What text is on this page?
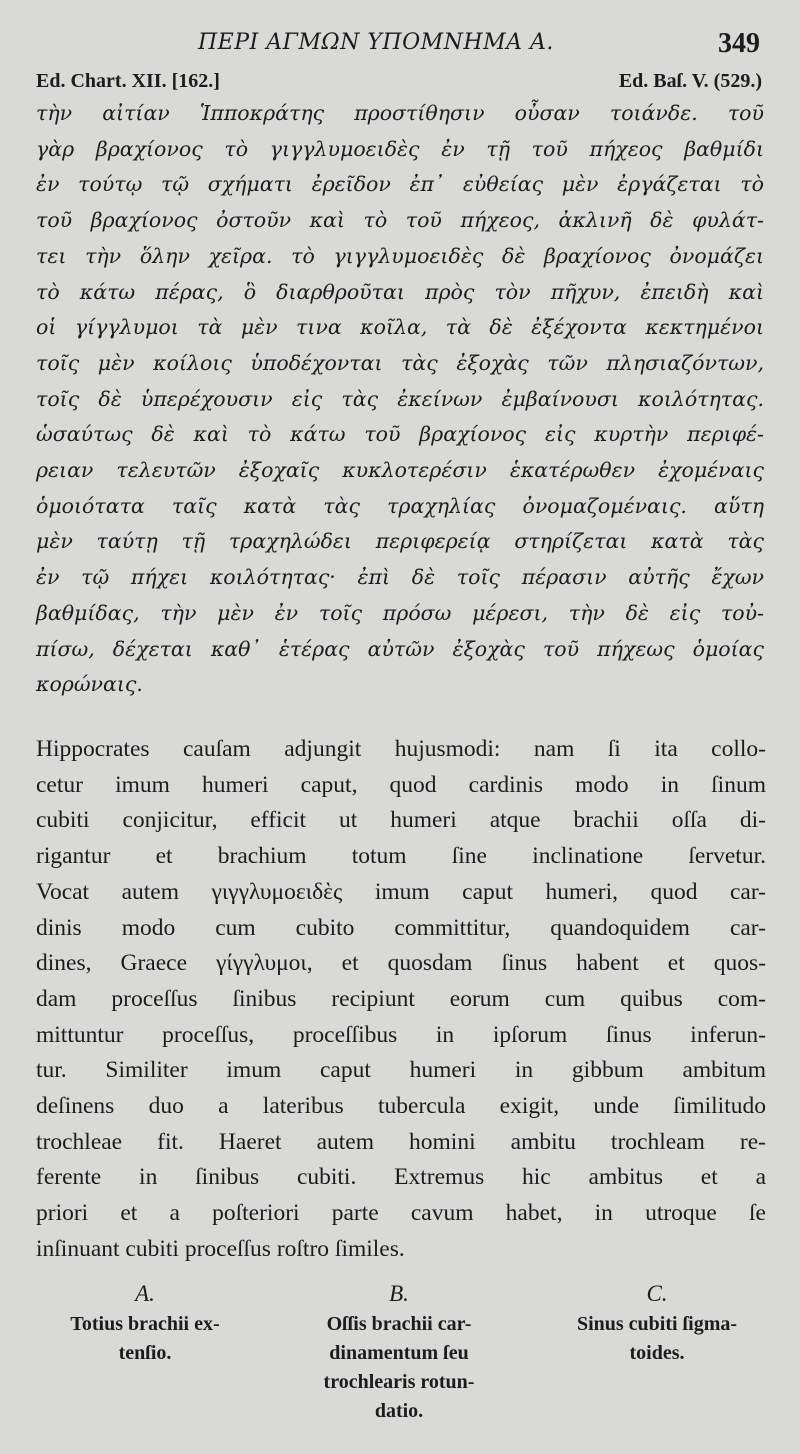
ΠΕΡΙ ΑΓΜΩΝ ΥΠΟΜΝΗΜΑ Α.	349
Ed. Chart. XII. [162.]	Ed. Baſ. V. (529.)
τὴν αἰτίαν Ἱπποκράτης προστίθησιν οὖσαν τοιάνδε. τοῦ
γὰρ βραχίονος τὸ γιγγλυμοειδὲς ἐν τῇ τοῦ πήχεος βαθμίδι
ἐν τούτῳ τῷ σχήματι ἐρεῖδον ἐπ᾽ εὐθείας μὲν ἐργάζεται τὸ
τοῦ βραχίονος ὀστοῦν καὶ τὸ τοῦ πήχεος, ἀκλινῆ δὲ φυλάτ-
τει τὴν ὅλην χεῖρα. τὸ γιγγλυμοειδὲς δὲ βραχίονος ὀνομάζει
τὸ κάτω πέρας, ὃ διαρθροῦται πρὸς τὸν πῆχυν, ἐπειδὴ καὶ
οἱ γίγγλυμοι τὰ μὲν τινα κοῖλα, τὰ δὲ ἐξέχοντα κεκτημένοι
τοῖς μὲν κοίλοις ὑποδέχονται τὰς ἐξοχὰς τῶν πλησιαζόντων,
τοῖς δὲ ὑπερέχουσιν εἰς τὰς ἐκείνων ἐμβαίνουσι κοιλότητας.
ὡσαύτως δὲ καὶ τὸ κάτω τοῦ βραχίονος εἰς κυρτὴν περιφέ-
ρειαν τελευτῶν ἐξοχαῖς κυκλοτερέσιν ἑκατέρωθεν ἐχομέναις
ὁμοιότατα ταῖς κατὰ τὰς τραχηλίας ὀνομαζομέναις. αὕτη
μὲν ταύτῃ τῇ τραχηλώδει περιφερείᾳ στηρίζεται κατὰ τὰς
ἐν τῷ πήχει κοιλότητας· ἐπὶ δὲ τοῖς πέρασιν αὐτῆς ἔχων
βαθμίδας, τὴν μὲν ἐν τοῖς πρόσω μέρεσι, τὴν δὲ εἰς τοὐ-
πίσω, δέχεται καθ᾽ ἑτέρας αὐτῶν ἐξοχὰς τοῦ πήχεως ὁμοίας
κορώναις.
Hippocrates cauſam adjungit hujusmodi: nam ſi ita collo-
cetur imum humeri caput, quod cardinis modo in ſinum
cubiti conjicitur, efficit ut humeri atque brachii oſſa di-
rigantur et brachium totum ſine inclinatione ſervetur.
Vocat autem γιγγλυμοειδὲς imum caput humeri, quod car-
dinis modo cum cubito committitur, quandoquidem car-
dines, Graece γίγγλυμοι, et quosdam ſinus habent et quos-
dam proceſſus ſinibus recipiunt eorum cum quibus com-
mittuntur proceſſus, proceſſibus in ipſorum ſinus inferun-
tur. Similiter imum caput humeri in gibbum ambitum
deſinens duo a lateribus tubercula exigit, unde ſimilitudo
trochleae fit. Haeret autem homini ambitu trochleam re-
ferente in ſinibus cubiti. Extremus hic ambitus et a
priori et a poſteriori parte cavum habet, in utroque ſe
inſinuant cubiti proceſſus roſtro ſimiles.
A.
Totius brachii ex-
tenſio.
B.
Oſſis brachii car-
dinamentum ſeu
trochlearis rotun-
datio.
C.
Sinus cubiti ſigma-
toides.
